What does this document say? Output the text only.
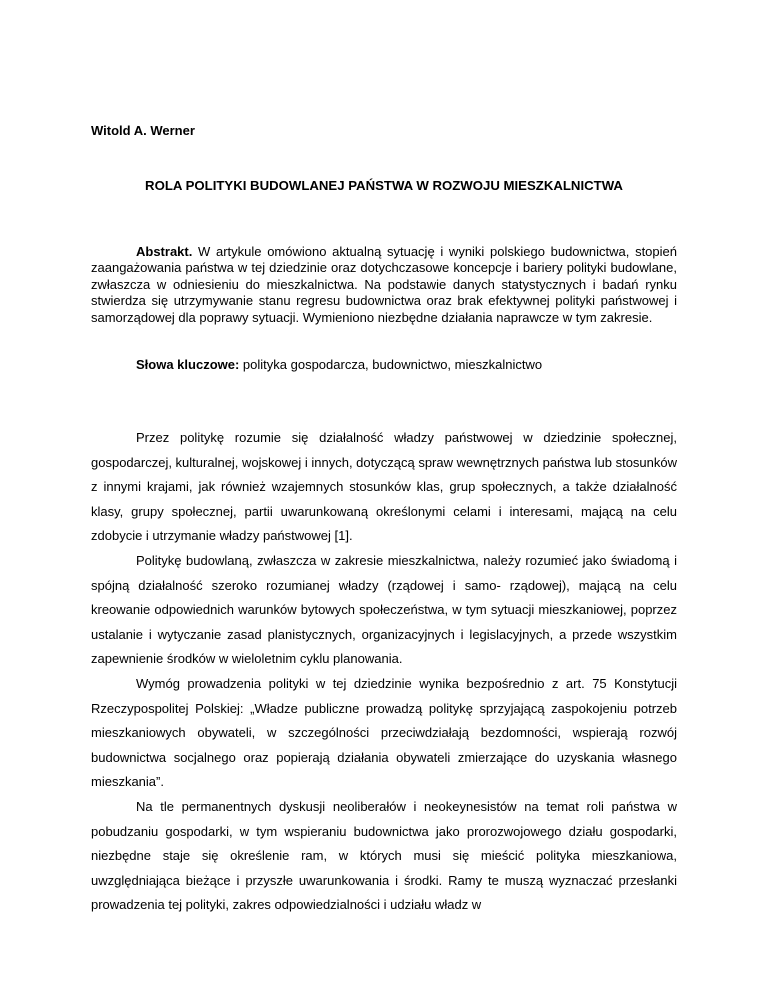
Witold A. Werner

ROLA POLITYKI BUDOWLANEJ PAŃSTWA W ROZWOJU MIESZKALNICTWA

Abstrakt. W artykule omówiono aktualną sytuację i wyniki polskiego budownictwa, stopień zaangażowania państwa w tej dziedzinie oraz dotychczasowe koncepcje i bariery polityki budowlane, zwłaszcza w odniesieniu do mieszkalnictwa. Na podstawie danych statystycznych i badań rynku stwierdza się utrzymywanie stanu regresu budownictwa oraz brak efektywnej polityki państwowej i samorządowej dla poprawy sytuacji. Wymieniono niezbędne działania naprawcze w tym zakresie.

Słowa kluczowe: polityka gospodarcza, budownictwo, mieszkalnictwo

Przez politykę rozumie się działalność władzy państwowej w dziedzinie społecznej, gospodarczej, kulturalnej, wojskowej i innych, dotyczącą spraw wewnętrznych państwa lub stosunków z innymi krajami, jak również wzajemnych stosunków klas, grup społecznych, a także działalność klasy, grupy społecznej, partii uwarunkowaną określonymi celami i interesami, mającą na celu zdobycie i utrzymanie władzy państwowej [1].

Politykę budowlaną, zwłaszcza w zakresie mieszkalnictwa, należy rozumieć jako świadomą i spójną działalność szeroko rozumianej władzy (rządowej i samo- rządowej), mającą na celu kreowanie odpowiednich warunków bytowych społeczeństwa, w tym sytuacji mieszkaniowej, poprzez ustalanie i wytyczanie zasad planistycznych, organizacyjnych i legislacyjnych, a przede wszystkim zapewnienie środków w wieloletnim cyklu planowania.

Wymóg prowadzenia polityki w tej dziedzinie wynika bezpośrednio z art. 75 Konstytucji Rzeczypospolitej Polskiej: „Władze publiczne prowadzą politykę sprzyjającą zaspokojeniu potrzeb mieszkaniowych obywateli, w szczególności przeciwdziałają bezdomności, wspierają rozwój budownictwa socjalnego oraz popierają działania obywateli zmierzające do uzyskania własnego mieszkania”.

Na tle permanentnych dyskusji neoliberałów i neokeynesistów na temat roli państwa w pobudzaniu gospodarki, w tym wspieraniu budownictwa jako prorozwojowego działu gospodarki, niezbędne staje się określenie ram, w których musi się mieścić polityka mieszkaniowa, uwzględniająca bieżące i przyszłe uwarunkowania i środki. Ramy te muszą wyznaczać przesłanki prowadzenia tej polityki, zakres odpowiedzialności i udziału władz w
